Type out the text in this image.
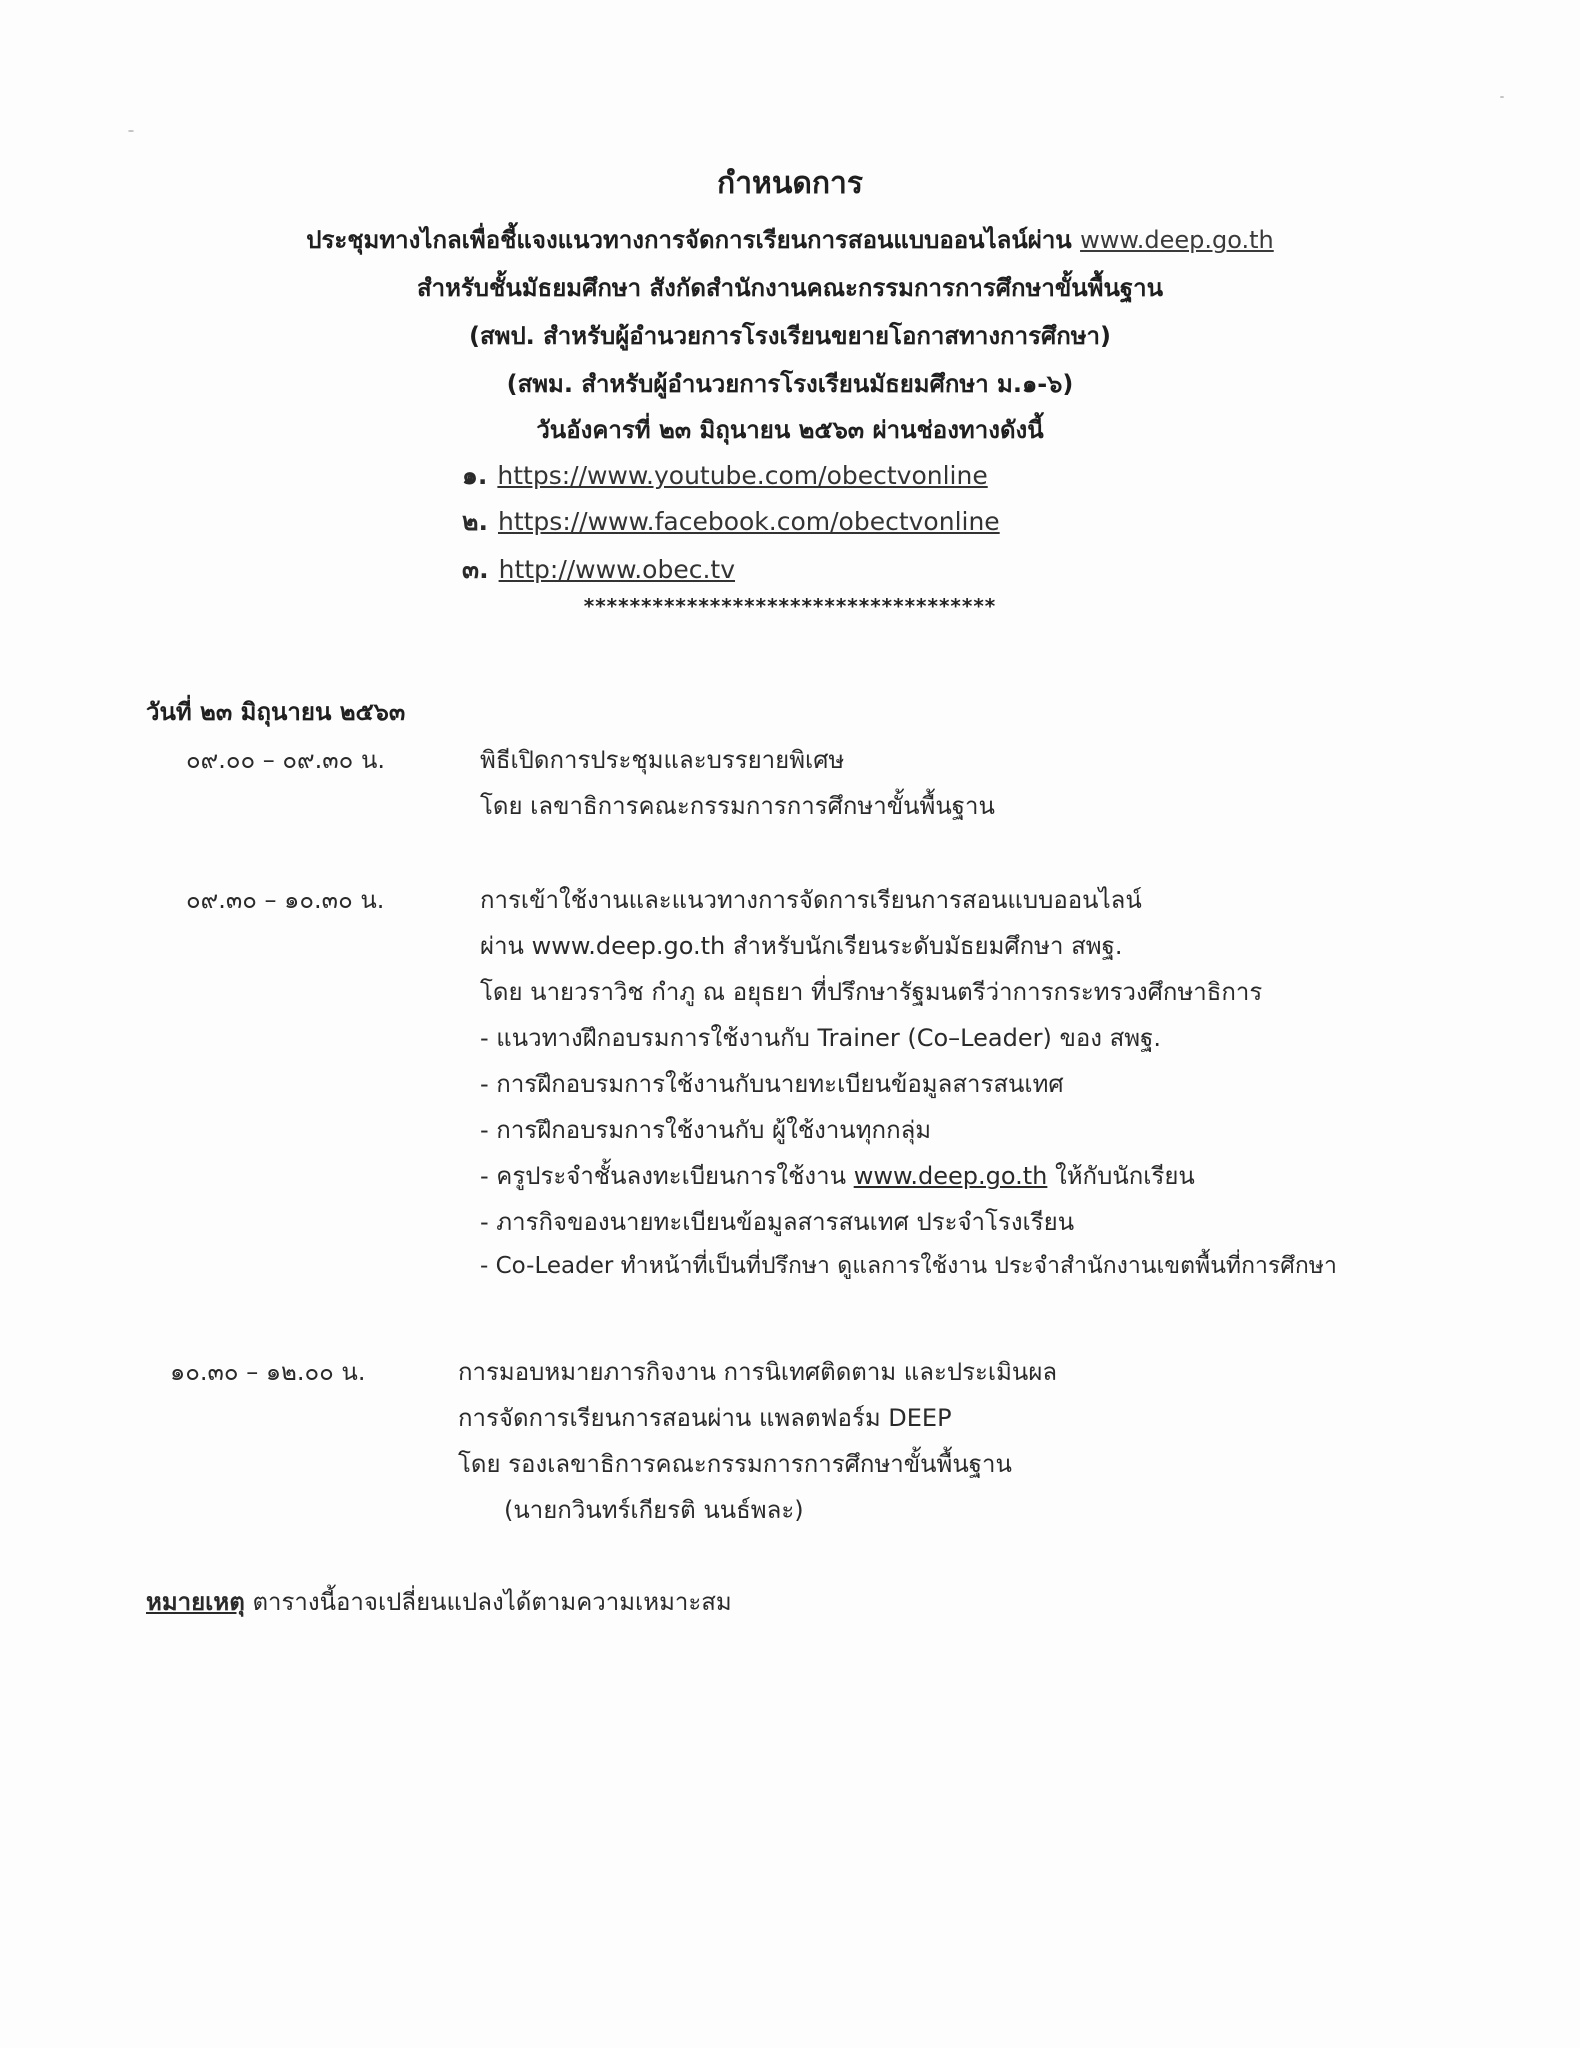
กำหนดการ
ประชุมทางไกลเพื่อชี้แจงแนวทางการจัดการเรียนการสอนแบบออนไลน์ผ่าน www.deep.go.th
สำหรับชั้นมัธยมศึกษา สังกัดสำนักงานคณะกรรมการการศึกษาขั้นพื้นฐาน
(สพป. สำหรับผู้อำนวยการโรงเรียนขยายโอกาสทางการศึกษา)
(สพม. สำหรับผู้อำนวยการโรงเรียนมัธยมศึกษา ม.๑-๖)
วันอังคารที่ ๒๓ มิถุนายน ๒๕๖๓ ผ่านช่องทางดังนี้
๑. https://www.youtube.com/obectvonline
๒. https://www.facebook.com/obectvonline
๓. http://www.obec.tv
************************************
วันที่ ๒๓ มิถุนายน ๒๕๖๓
๐๙.๐๐ – ๐๙.๓๐ น.	พิธีเปิดการประชุมและบรรยายพิเศษ
โดย เลขาธิการคณะกรรมการการศึกษาขั้นพื้นฐาน
๐๙.๓๐ – ๑๐.๓๐ น.	การเข้าใช้งานและแนวทางการจัดการเรียนการสอนแบบออนไลน์
ผ่าน www.deep.go.th สำหรับนักเรียนระดับมัธยมศึกษา สพฐ.
โดย นายวราวิช กำภู ณ อยุธยา ที่ปรึกษารัฐมนตรีว่าการกระทรวงศึกษาธิการ
- แนวทางฝึกอบรมการใช้งานกับ Trainer (Co–Leader) ของ สพฐ.
- การฝึกอบรมการใช้งานกับนายทะเบียนข้อมูลสารสนเทศ
- การฝึกอบรมการใช้งานกับ ผู้ใช้งานทุกกลุ่ม
- ครูประจำชั้นลงทะเบียนการใช้งาน www.deep.go.th ให้กับนักเรียน
- ภารกิจของนายทะเบียนข้อมูลสารสนเทศ ประจำโรงเรียน
- Co-Leader ทำหน้าที่เป็นที่ปรึกษา ดูแลการใช้งาน ประจำสำนักงานเขตพื้นที่การศึกษา
๑๐.๓๐ – ๑๒.๐๐ น.	การมอบหมายภารกิจงาน การนิเทศติดตาม และประเมินผล
การจัดการเรียนการสอนผ่าน แพลตฟอร์ม DEEP
โดย รองเลขาธิการคณะกรรมการการศึกษาขั้นพื้นฐาน
(นายกวินทร์เกียรติ นนธ์พละ)
หมายเหตุ ตารางนี้อาจเปลี่ยนแปลงได้ตามความเหมาะสม
